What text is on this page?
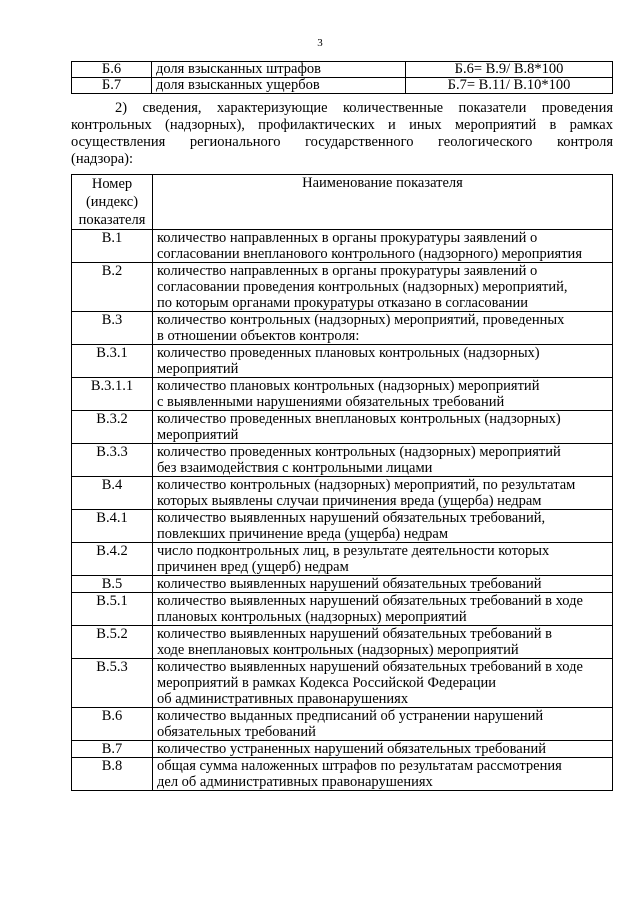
3
Б.6	доля взысканных штрафов	Б.6= В.9/ В.8*100
Б.7	доля взысканных ущербов	Б.7= В.11/ В.10*100
2) сведения, характеризующие количественные показатели проведения
контрольных (надзорных), профилактических и иных мероприятий в рамках
осуществления регионального государственного геологического контроля
(надзора):
Номер
(индекс)
показателя	Наименование показателя
В.1	количество направленных в органы прокуратуры заявлений о
согласовании внепланового контрольного (надзорного) мероприятия

В.2	количество направленных в органы прокуратуры заявлений о
согласовании проведения контрольных (надзорных) мероприятий,
по которым органами прокуратуры отказано в согласовании

В.3	количество контрольных (надзорных) мероприятий, проведенных
в отношении объектов контроля:

В.3.1	количество проведенных плановых контрольных (надзорных)
мероприятий

В.3.1.1	количество плановых контрольных (надзорных) мероприятий
с выявленными нарушениями обязательных требований

В.3.2	количество проведенных внеплановых контрольных (надзорных)
мероприятий

В.3.3	количество проведенных контрольных (надзорных) мероприятий
без взаимодействия с контрольными лицами

В.4	количество контрольных (надзорных) мероприятий, по результатам
которых выявлены случаи причинения вреда (ущерба) недрам

В.4.1	количество выявленных нарушений обязательных требований,
повлекших причинение вреда (ущерба) недрам

В.4.2	число подконтрольных лиц, в результате деятельности которых
причинен вред (ущерб) недрам

В.5	количество выявленных нарушений обязательных требований

В.5.1	количество выявленных нарушений обязательных требований в ходе
плановых контрольных (надзорных) мероприятий

В.5.2	количество выявленных нарушений обязательных требований в
ходе внеплановых контрольных (надзорных) мероприятий

В.5.3	количество выявленных нарушений обязательных требований в ходе
мероприятий в рамках Кодекса Российской Федерации
об административных правонарушениях

В.6	количество выданных предписаний об устранении нарушений
обязательных требований

В.7	количество устраненных нарушений обязательных требований

В.8	общая сумма наложенных штрафов по результатам рассмотрения
дел об административных правонарушениях
